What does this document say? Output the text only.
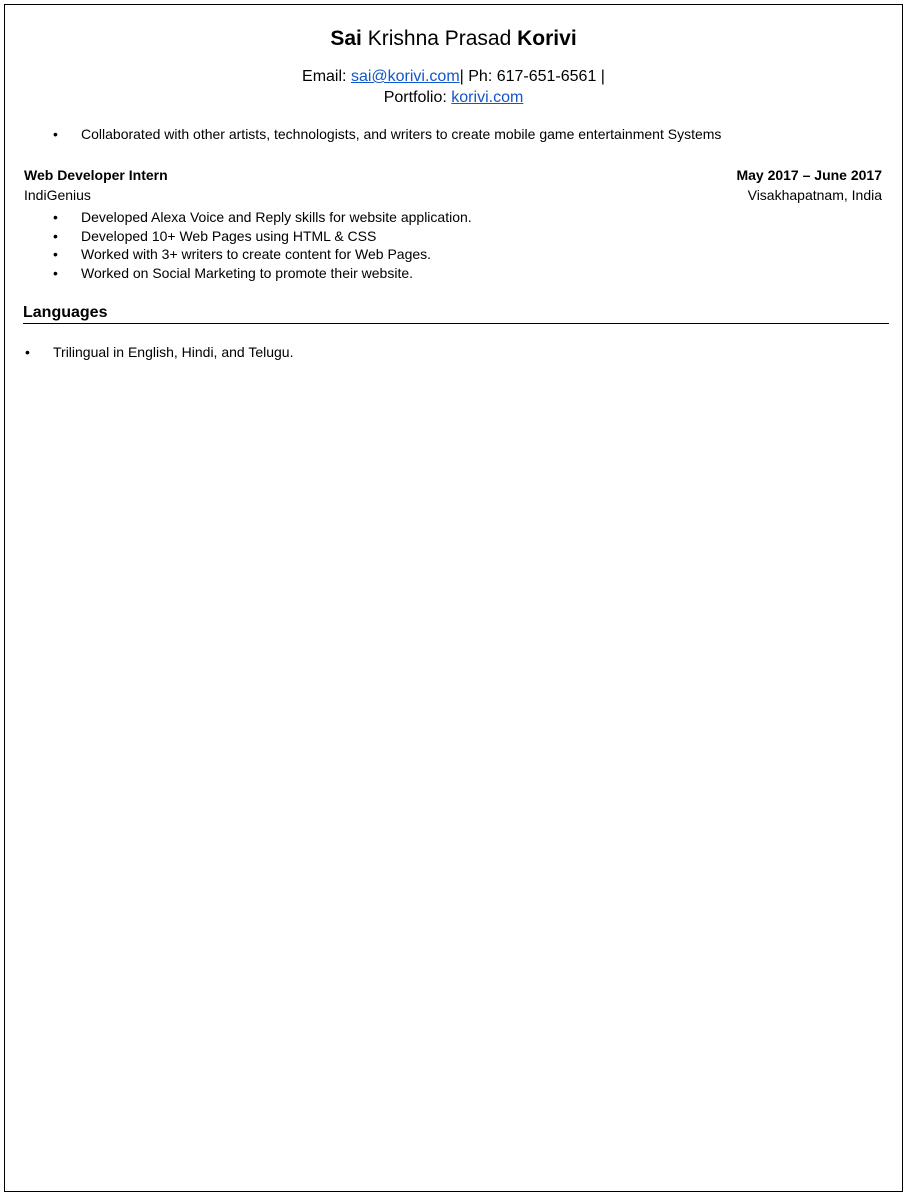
Sai Krishna Prasad Korivi
Email: sai@korivi.com| Ph: 617-651-6561 |
Portfolio: korivi.com
• Collaborated with other artists, technologists, and writers to create mobile game entertainment Systems
Web Developer Intern	May 2017 – June 2017
IndiGenius	Visakhapatnam, India
• Developed Alexa Voice and Reply skills for website application.
• Developed 10+ Web Pages using HTML & CSS
• Worked with 3+ writers to create content for Web Pages.
• Worked on Social Marketing to promote their website.
Languages
• Trilingual in English, Hindi, and Telugu.
